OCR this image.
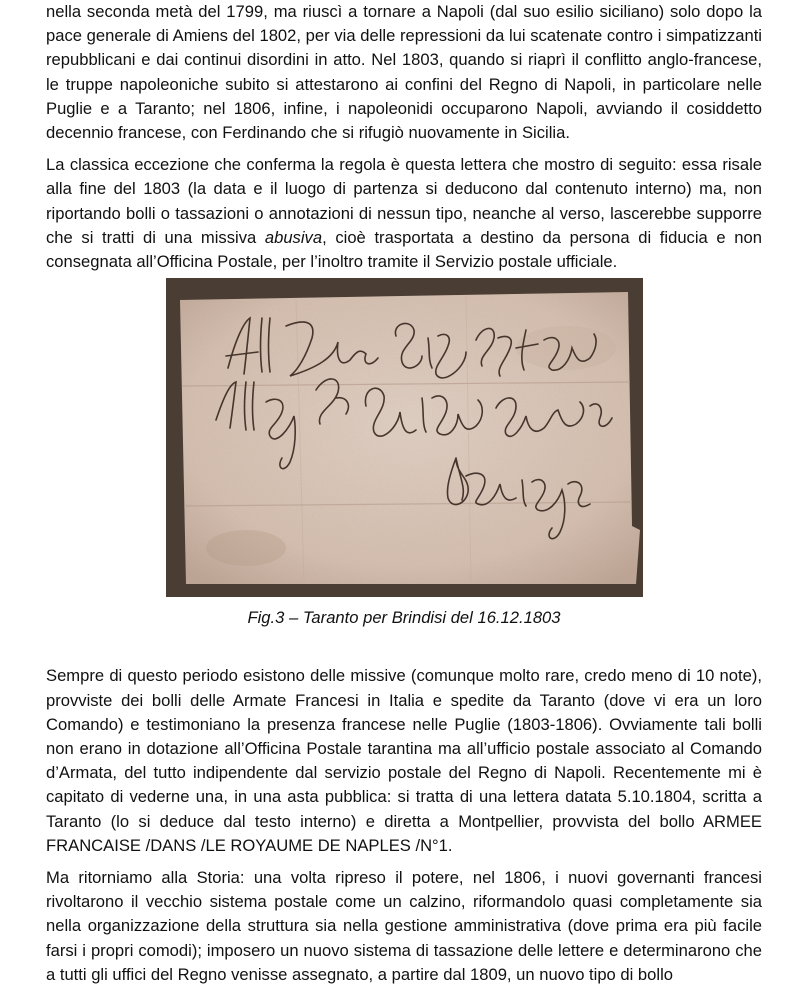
nella seconda metà del 1799, ma riuscì a tornare a Napoli (dal suo esilio siciliano) solo dopo la pace generale di Amiens del 1802, per via delle repressioni da lui scatenate contro i simpatizzanti repubblicani e dai continui disordini in atto. Nel 1803, quando si riaprì il conflitto anglo-francese, le truppe napoleoniche subito si attestarono ai confini del Regno di Napoli, in particolare nelle Puglie e a Taranto; nel 1806, infine, i napoleonidi occuparono Napoli, avviando il cosiddetto decennio francese, con Ferdinando che si rifugiò nuovamente in Sicilia.

La classica eccezione che conferma la regola è questa lettera che mostro di seguito: essa risale alla fine del 1803 (la data e il luogo di partenza si deducono dal contenuto interno) ma, non riportando bolli o tassazioni o annotazioni di nessun tipo, neanche al verso, lascerebbe supporre che si tratti di una missiva abusiva, cioè trasportata a destino da persona di fiducia e non consegnata all’Officina Postale, per l’inoltro tramite il Servizio postale ufficiale.

Fig.3 – Taranto per Brindisi del 16.12.1803

Sempre di questo periodo esistono delle missive (comunque molto rare, credo meno di 10 note), provviste dei bolli delle Armate Francesi in Italia e spedite da Taranto (dove vi era un loro Comando) e testimoniano la presenza francese nelle Puglie (1803-1806). Ovviamente tali bolli non erano in dotazione all’Officina Postale tarantina ma all’ufficio postale associato al Comando d’Armata, del tutto indipendente dal servizio postale del Regno di Napoli. Recentemente mi è capitato di vederne una, in una asta pubblica: si tratta di una lettera datata 5.10.1804, scritta a Taranto (lo si deduce dal testo interno) e diretta a Montpellier, provvista del bollo ARMEE FRANCAISE /DANS /LE ROYAUME DE NAPLES /N°1.

Ma ritorniamo alla Storia: una volta ripreso il potere, nel 1806, i nuovi governanti francesi rivoltarono il vecchio sistema postale come un calzino, riformandolo quasi completamente sia nella organizzazione della struttura sia nella gestione amministrativa (dove prima era più facile farsi i propri comodi); imposero un nuovo sistema di tassazione delle lettere e determinarono che a tutti gli uffici del Regno venisse assegnato, a partire dal 1809, un nuovo tipo di bollo
